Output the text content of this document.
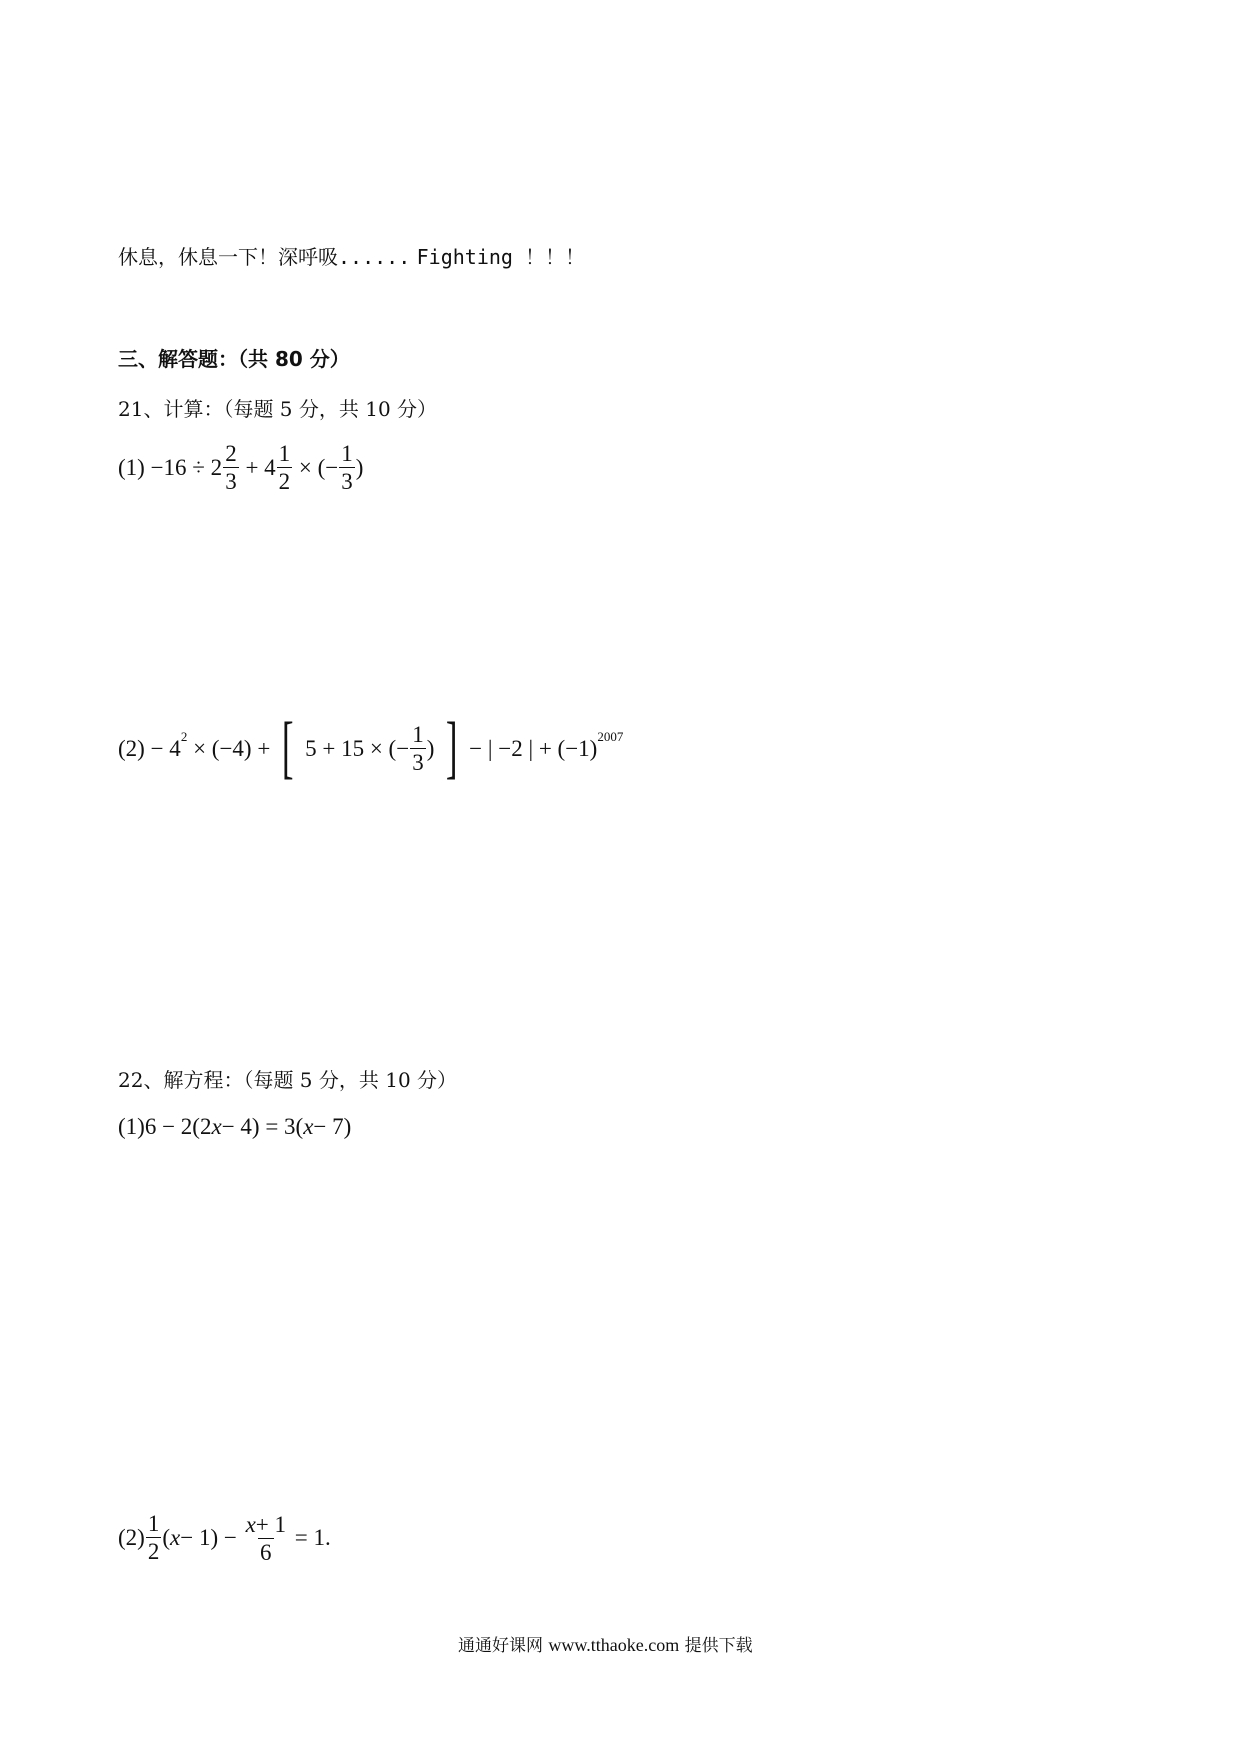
休息，休息一下！深呼吸...... Fighting ！！！
三、解答题：（共 80 分）
21、计算：（每题 5 分，共 10 分）
$(1) -16 \div 2 \frac{2}{3} + 4 \frac{1}{2}$ × (− $\frac{1}{3}$ )
(2) − 42 × (−4) + [ 5 + 15 × (− $\frac{1}{3}$ ) ] − | −2 | + (−1)2007
22、解方程：（每题 5 分，共 10 分）
(1)6 − 2(2x− 4) = 3(x− 7)
$(2) \frac{1}{2} (x- 1) - \frac{x+ 1}{6} = 1$.
通通好课网 www.tthaoke.com 提供下载
